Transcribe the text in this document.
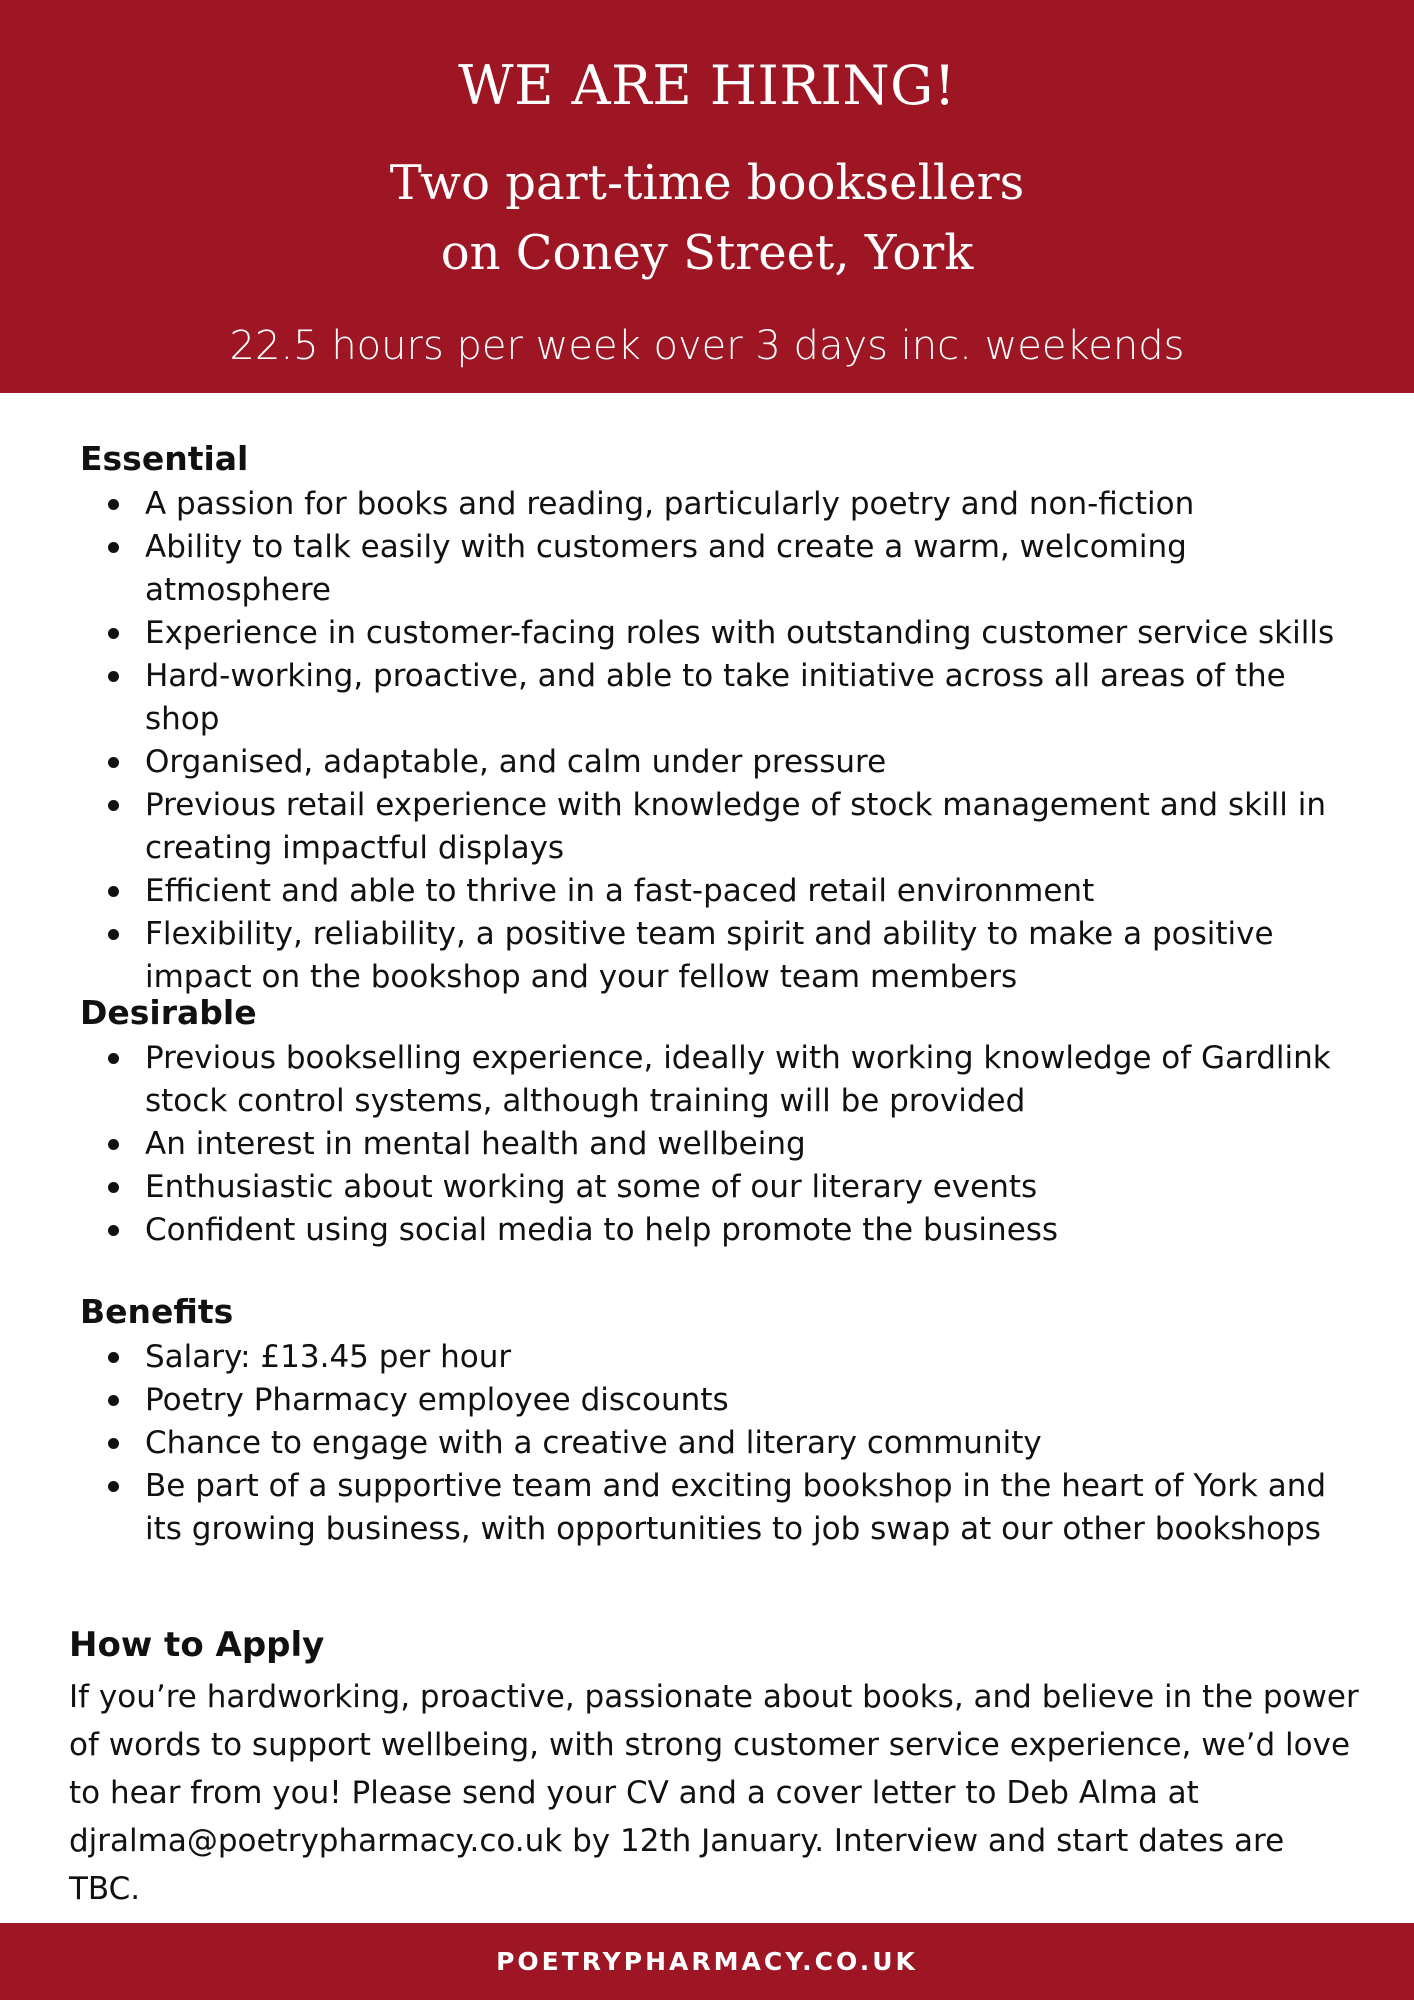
WE ARE HIRING!
Two part-time booksellers
on Coney Street, York

22.5 hours per week over 3 days inc. weekends

Essential
A passion for books and reading, particularly poetry and non-fiction
Ability to talk easily with customers and create a warm, welcoming atmosphere
Experience in customer-facing roles with outstanding customer service skills
Hard-working, proactive, and able to take initiative across all areas of the shop
Organised, adaptable, and calm under pressure
Previous retail experience with knowledge of stock management and skill in creating impactful displays
Efficient and able to thrive in a fast-paced retail environment
Flexibility, reliability, a positive team spirit and ability to make a positive impact on the bookshop and your fellow team members
Desirable
Previous bookselling experience, ideally with working knowledge of Gardlink stock control systems, although training will be provided
An interest in mental health and wellbeing
Enthusiastic about working at some of our literary events
Confident using social media to help promote the business
Benefits
Salary: £13.45 per hour
Poetry Pharmacy employee discounts
Chance to engage with a creative and literary community
Be part of a supportive team and exciting bookshop in the heart of York and its growing business, with opportunities to job swap at our other bookshops
How to Apply

If you’re hardworking, proactive, passionate about books, and believe in the power of words to support wellbeing, with strong customer service experience, we’d love to hear from you! Please send your CV and a cover letter to Deb Alma at djralma@poetrypharmacy.co.uk by 12th January. Interview and start dates are TBC.

POETRYPHARMACY.CO.UK
